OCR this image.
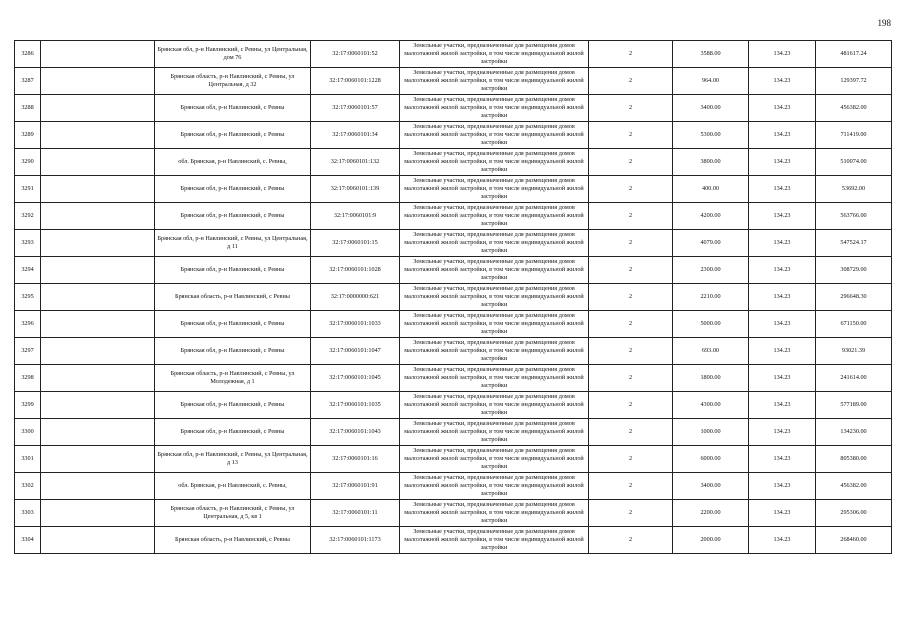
198
3286		Брянская обл, р-н Навлинский, с Ревны, ул Центральная, дом 76	32:17:0060101:52	Земельные участки, предназначенные для размещения домов малоэтажной жилой застройки, в том числе индивидуальной жилой застройки	2	3588.00	134.23	481617.24
3287		Брянская область, р-н Навлинский, с Ревны, ул Центральная, д 32	32:17:0060101:1228	Земельные участки, предназначенные для размещения домов малоэтажной жилой застройки, в том числе индивидуальной жилой застройки	2	964.00	134.23	129397.72
3288		Брянская обл, р-н Навлинский, с Ревны	32:17:0060101:57	Земельные участки, предназначенные для размещения домов малоэтажной жилой застройки, в том числе индивидуальной жилой застройки	2	3400.00	134.23	456382.00
3289		Брянская обл, р-н Навлинский, с Ревны	32:17:0060101:34	Земельные участки, предназначенные для размещения домов малоэтажной жилой застройки, в том числе индивидуальной жилой застройки	2	5300.00	134.23	711419.00
3290		обл. Брянская, р-н Навлинский, с. Ревны,	32:17:0060101:132	Земельные участки, предназначенные для размещения домов малоэтажной жилой застройки, в том числе индивидуальной жилой застройки	2	3800.00	134.23	510074.00
3291		Брянская обл, р-н Навлинский, с Ревны	32:17:0060101:139	Земельные участки, предназначенные для размещения домов малоэтажной жилой застройки, в том числе индивидуальной жилой застройки	2	400.00	134.23	53692.00
3292		Брянская обл, р-н Навлинский, с Ревны	32:17:0060101:9	Земельные участки, предназначенные для размещения домов малоэтажной жилой застройки, в том числе индивидуальной жилой застройки	2	4200.00	134.23	563766.00
3293		Брянская обл, р-н Навлинский, с Ревны, ул Центральная, д 11	32:17:0060101:15	Земельные участки, предназначенные для размещения домов малоэтажной жилой застройки, в том числе индивидуальной жилой застройки	2	4079.00	134.23	547524.17
3294		Брянская обл, р-н Навлинский, с Ревны	32:17:0060101:1028	Земельные участки, предназначенные для размещения домов малоэтажной жилой застройки, в том числе индивидуальной жилой застройки	2	2300.00	134.23	308729.00
3295		Брянская область, р-н Навлинский, с Ревны	32:17:0000000:621	Земельные участки, предназначенные для размещения домов малоэтажной жилой застройки, в том числе индивидуальной жилой застройки	2	2210.00	134.23	296648.30
3296		Брянская обл, р-н Навлинский, с Ревны	32:17:0060101:1033	Земельные участки, предназначенные для размещения домов малоэтажной жилой застройки, в том числе индивидуальной жилой застройки	2	5000.00	134.23	671150.00
3297		Брянская обл, р-н Навлинский, с Ревны	32:17:0060101:1047	Земельные участки, предназначенные для размещения домов малоэтажной жилой застройки, в том числе индивидуальной жилой застройки	2	693.00	134.23	93021.39
3298		Брянская область, р-н Навлинский, с Ревны, ул Молодежная, д 1	32:17:0060101:1045	Земельные участки, предназначенные для размещения домов малоэтажной жилой застройки, в том числе индивидуальной жилой застройки	2	1800.00	134.23	241614.00
3299		Брянская обл, р-н Навлинский, с Ревны	32:17:0060101:1035	Земельные участки, предназначенные для размещения домов малоэтажной жилой застройки, в том числе индивидуальной жилой застройки	2	4300.00	134.23	577189.00
3300		Брянская обл, р-н Навлинский, с Ревны	32:17:0060101:1043	Земельные участки, предназначенные для размещения домов малоэтажной жилой застройки, в том числе индивидуальной жилой застройки	2	1000.00	134.23	134230.00
3301		Брянская обл, р-н Навлинский, с Ревны, ул Центральная, д 13	32:17:0060101:16	Земельные участки, предназначенные для размещения домов малоэтажной жилой застройки, в том числе индивидуальной жилой застройки	2	6000.00	134.23	805380.00
3302		обл. Брянская, р-н Навлинский, с. Ревны,	32:17:0060101:91	Земельные участки, предназначенные для размещения домов малоэтажной жилой застройки, в том числе индивидуальной жилой застройки	2	3400.00	134.23	456382.00
3303		Брянская область, р-н Навлинский, с Ревны, ул Центральная, д 5, кв 1	32:17:0060101:11	Земельные участки, предназначенные для размещения домов малоэтажной жилой застройки, в том числе индивидуальной жилой застройки	2	2200.00	134.23	295306.00
3304		Брянская область, р-н Навлинский, с Ревны	32:17:0060101:1173	Земельные участки, предназначенные для размещения домов малоэтажной жилой застройки, в том числе индивидуальной жилой застройки	2	2000.00	134.23	268460.00
